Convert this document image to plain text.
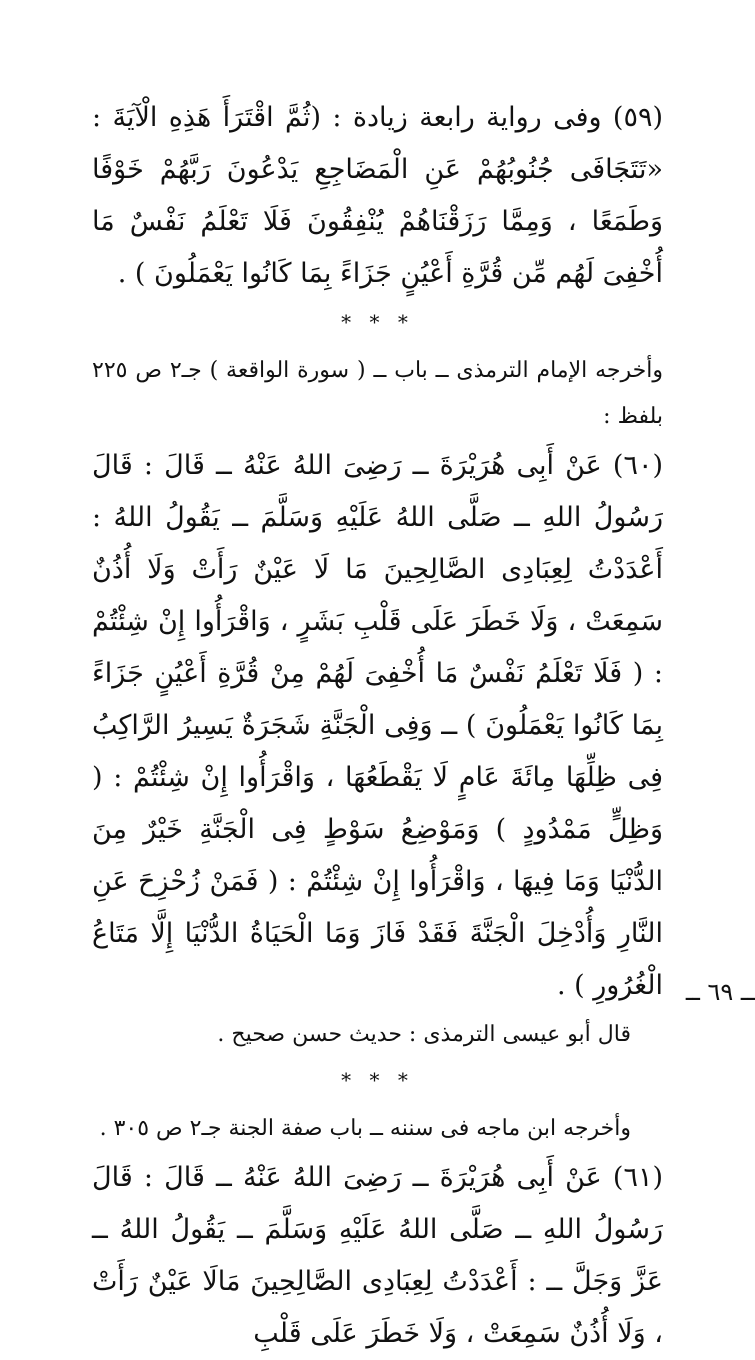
(٥٩) وفى رواية رابعة زيادة : (ثُمَّ اقْتَرَأَ هَذِهِ الْآيَةَ : «تَتَجَافَى جُنُوبُهُمْ عَنِ الْمَضَاجِعِ يَدْعُونَ رَبَّهُمْ خَوْفًا وَطَمَعًا ، وَمِمَّا رَزَقْنَاهُمْ يُنْفِقُونَ فَلَا تَعْلَمُ نَفْسٌ مَا أُخْفِىَ لَهُم مِّن قُرَّةِ أَعْيُنٍ جَزَاءً بِمَا كَانُوا يَعْمَلُونَ ) .

* * *

وأخرجه الإمام الترمذى ــ باب ــ ( سورة الواقعة ) جـ٢ ص ٢٢٥ بلفظ :

(٦٠) عَنْ أَبِى هُرَيْرَةَ ــ رَضِىَ اللهُ عَنْهُ ــ قَالَ : قَالَ رَسُولُ اللهِ ــ صَلَّى اللهُ عَلَيْهِ وَسَلَّمَ ــ يَقُولُ اللهُ : أَعْدَدْتُ لِعِبَادِى الصَّالِحِينَ مَا لَا عَيْنٌ رَأَتْ وَلَا أُذُنٌ سَمِعَتْ ، وَلَا خَطَرَ عَلَى قَلْبِ بَشَرٍ ، وَاقْرَأُوا إِنْ شِئْتُمْ : ( فَلَا تَعْلَمُ نَفْسٌ مَا أُخْفِىَ لَهُمْ مِنْ قُرَّةِ أَعْيُنٍ جَزَاءً بِمَا كَانُوا يَعْمَلُونَ ) ــ وَفِى الْجَنَّةِ شَجَرَةٌ يَسِيرُ الرَّاكِبُ فِى ظِلِّهَا مِائَةَ عَامٍ لَا يَقْطَعُهَا ، وَاقْرَأُوا إِنْ شِئْتُمْ : ( وَظِلٍّ مَمْدُودٍ ) وَمَوْضِعُ سَوْطٍ فِى الْجَنَّةِ خَيْرٌ مِنَ الدُّنْيَا وَمَا فِيهَا ، وَاقْرَأُوا إِنْ شِئْتُمْ : ( فَمَنْ زُحْزِحَ عَنِ النَّارِ وَأُدْخِلَ الْجَنَّةَ فَقَدْ فَازَ وَمَا الْحَيَاةُ الدُّنْيَا إِلَّا مَتَاعُ الْغُرُورِ ) .

قال أبو عيسى الترمذى : حديث حسن صحيح .

* * *

وأخرجه ابن ماجه فى سننه ــ باب صفة الجنة جـ٢ ص ٣٠٥ .

(٦١) عَنْ أَبِى هُرَيْرَةَ ــ رَضِىَ اللهُ عَنْهُ ــ قَالَ : قَالَ رَسُولُ اللهِ ــ صَلَّى اللهُ عَلَيْهِ وَسَلَّمَ ــ يَقُولُ اللهُ ــ عَزَّ وَجَلَّ ــ : أَعْدَدْتُ لِعِبَادِى الصَّالِحِينَ مَالَا عَيْنٌ رَأَتْ ، وَلَا أُذُنٌ سَمِعَتْ ، وَلَا خَطَرَ عَلَى قَلْبِ

ــ ٦٩ ــ
